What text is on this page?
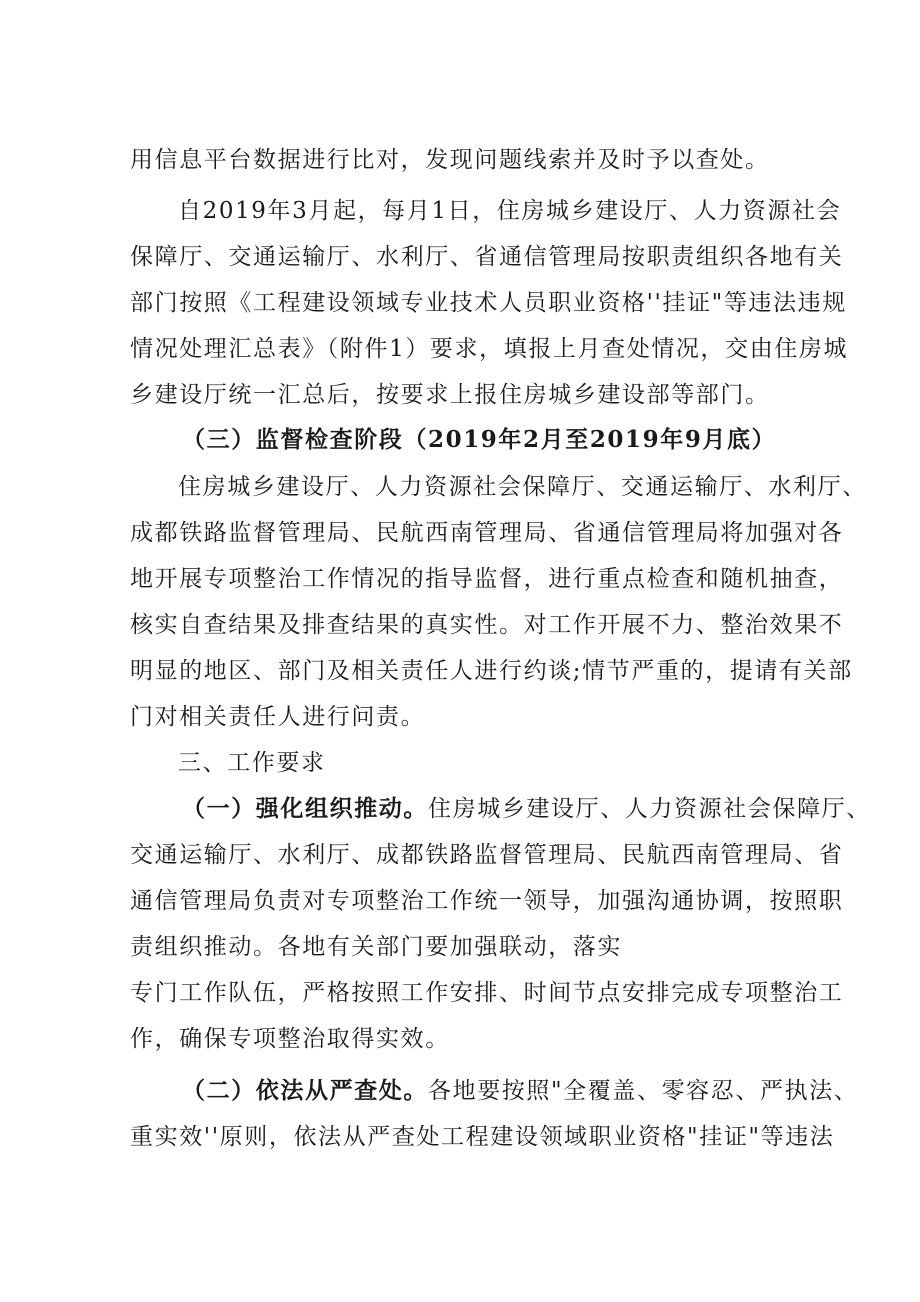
用信息平台数据进行比对，发现问题线索并及时予以查处。
自2019年3月起，每月1日，住房城乡建设厅、人力资源社会
保障厅、交通运输厅、水利厅、省通信管理局按职责组织各地有关
部门按照《工程建设领域专业技术人员职业资格''挂证"等违法违规
情况处理汇总表》（附件1）要求，填报上月查处情况，交由住房城
乡建设厅统一汇总后，按要求上报住房城乡建设部等部门。
（三）监督检查阶段（2019年2月至2019年9月底）
住房城乡建设厅、人力资源社会保障厅、交通运输厅、水利厅、
成都铁路监督管理局、民航西南管理局、省通信管理局将加强对各
地开展专项整治工作情况的指导监督，进行重点检查和随机抽查，
核实自查结果及排查结果的真实性。对工作开展不力、整治效果不
明显的地区、部门及相关责任人进行约谈;情节严重的，提请有关部
门对相关责任人进行问责。
三、工作要求
（一）强化组织推动。住房城乡建设厅、人力资源社会保障厅、
交通运输厅、水利厅、成都铁路监督管理局、民航西南管理局、省
通信管理局负责对专项整治工作统一领导，加强沟通协调，按照职
责组织推动。各地有关部门要加强联动，落实
专门工作队伍，严格按照工作安排、时间节点安排完成专项整治工
作，确保专项整治取得实效。
（二）依法从严查处。各地要按照"全覆盖、零容忍、严执法、
重实效''原则，依法从严查处工程建设领域职业资格"挂证"等违法
